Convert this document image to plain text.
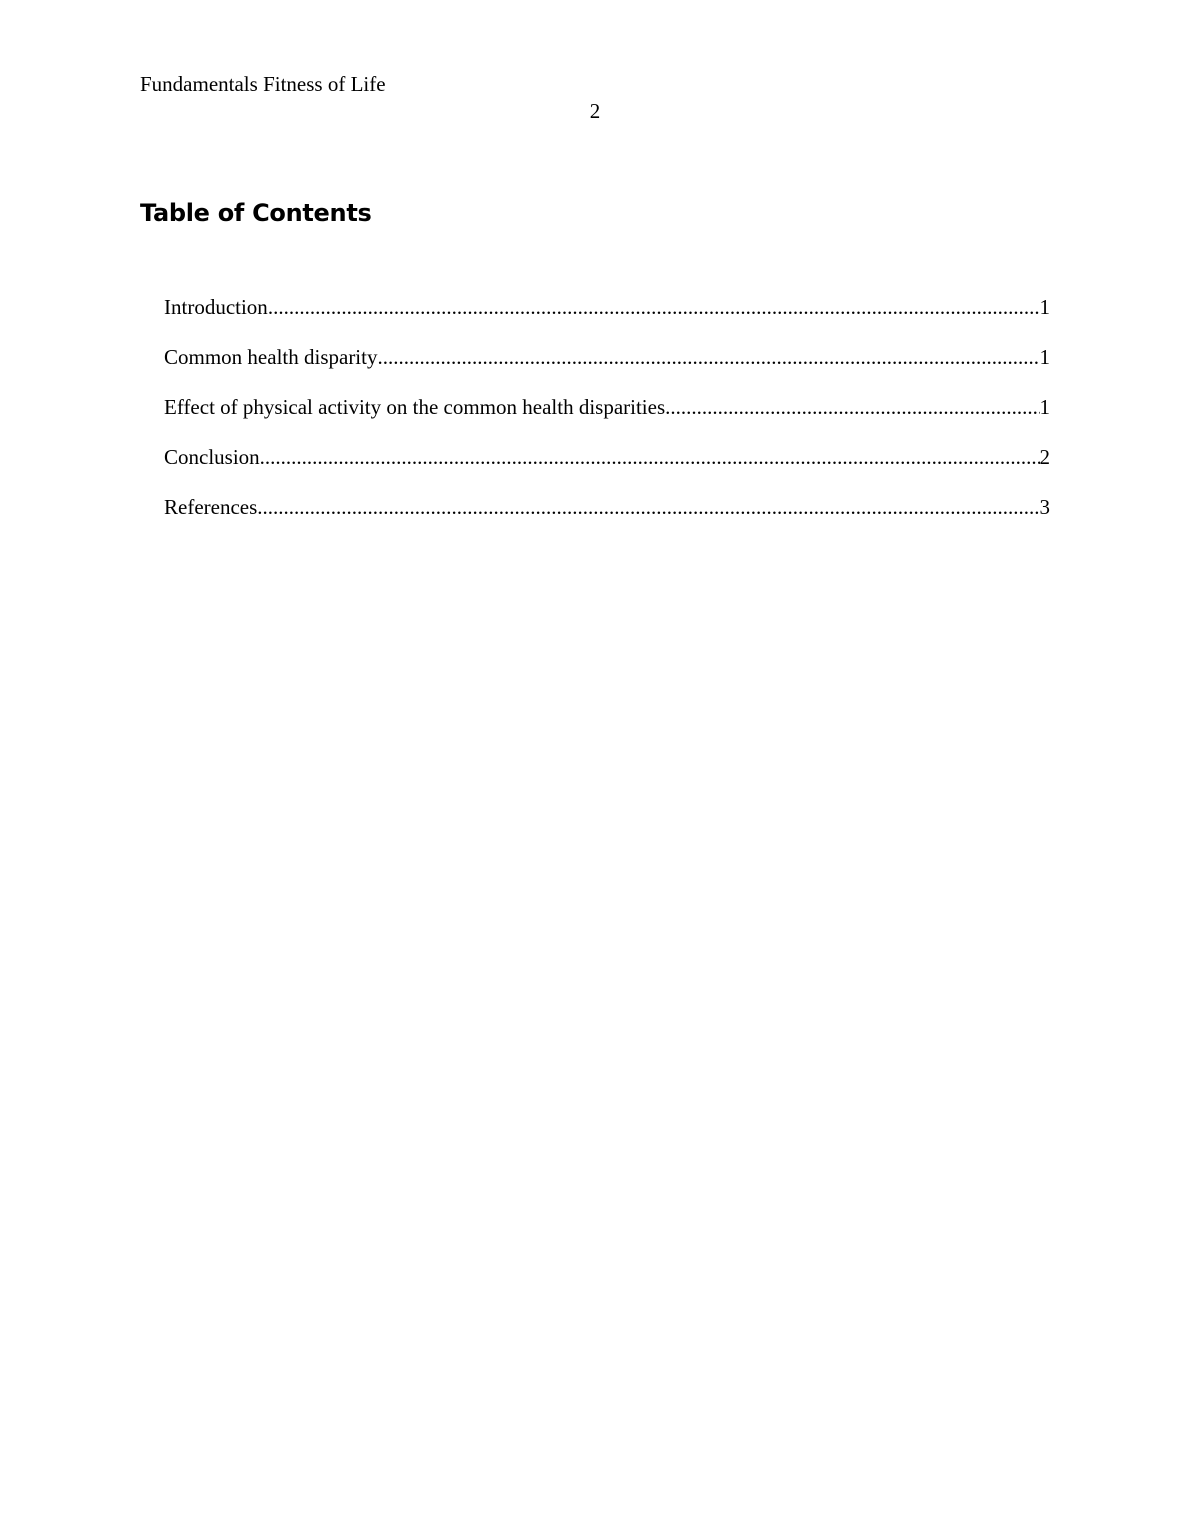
Fundamentals Fitness of Life
2
Table of Contents
Introduction .....	1
Common health disparity .....	1
Effect of physical activity on the common health disparities .....	1
Conclusion .....	2
References .....	3
